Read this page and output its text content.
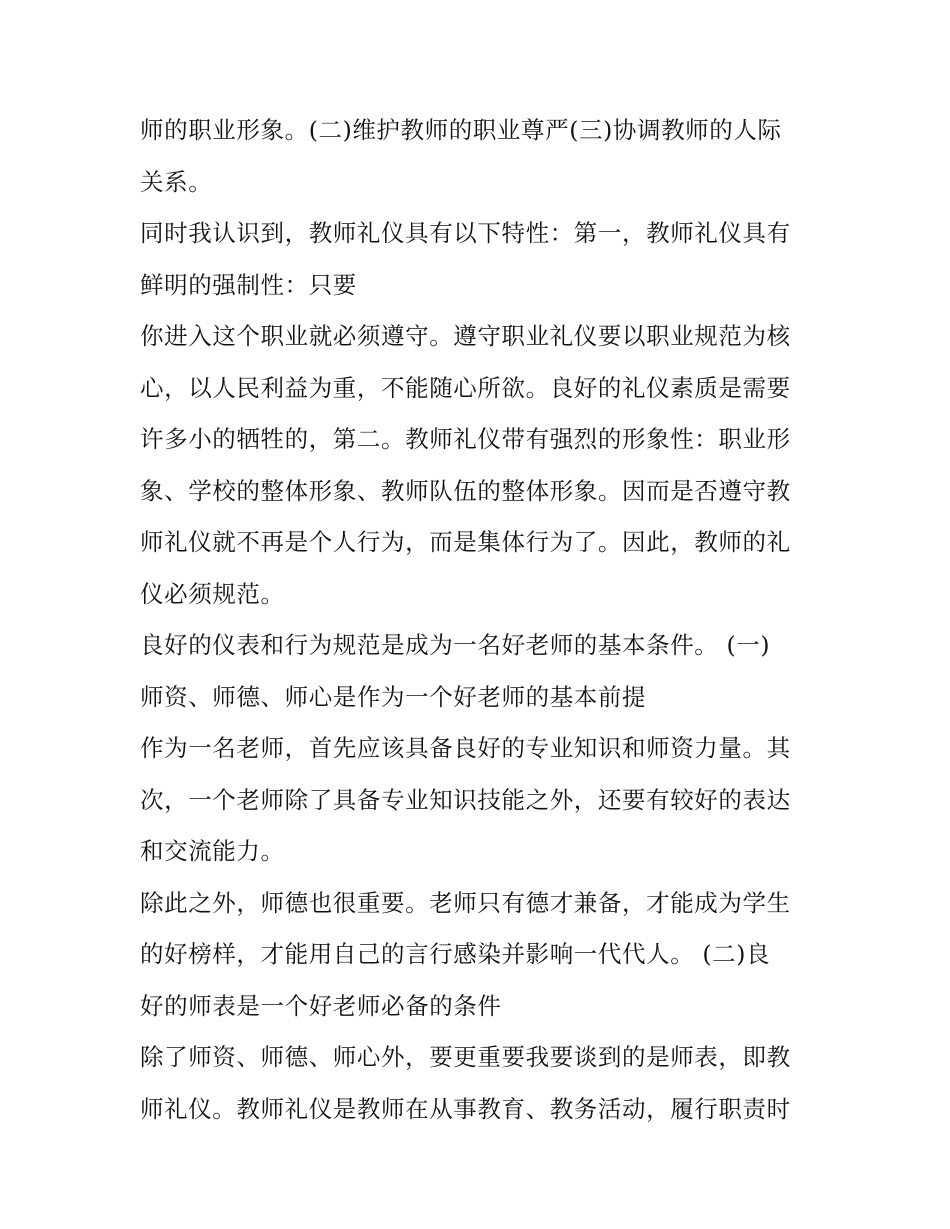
师的职业形象。(二)维护教师的职业尊严(三)协调教师的人际
关系。
同时我认识到，教师礼仪具有以下特性：第一，教师礼仪具有
鲜明的强制性：只要
你进入这个职业就必须遵守。遵守职业礼仪要以职业规范为核
心，以人民利益为重，不能随心所欲。良好的礼仪素质是需要
许多小的牺牲的，第二。教师礼仪带有强烈的形象性：职业形
象、学校的整体形象、教师队伍的整体形象。因而是否遵守教
师礼仪就不再是个人行为，而是集体行为了。因此，教师的礼
仪必须规范。
良好的仪表和行为规范是成为一名好老师的基本条件。 (一)
师资、师德、师心是作为一个好老师的基本前提
作为一名老师，首先应该具备良好的专业知识和师资力量。其
次，一个老师除了具备专业知识技能之外，还要有较好的表达
和交流能力。
除此之外，师德也很重要。老师只有德才兼备，才能成为学生
的好榜样，才能用自己的言行感染并影响一代代人。 (二)良
好的师表是一个好老师必备的条件
除了师资、师德、师心外，要更重要我要谈到的是师表，即教
师礼仪。教师礼仪是教师在从事教育、教务活动，履行职责时
